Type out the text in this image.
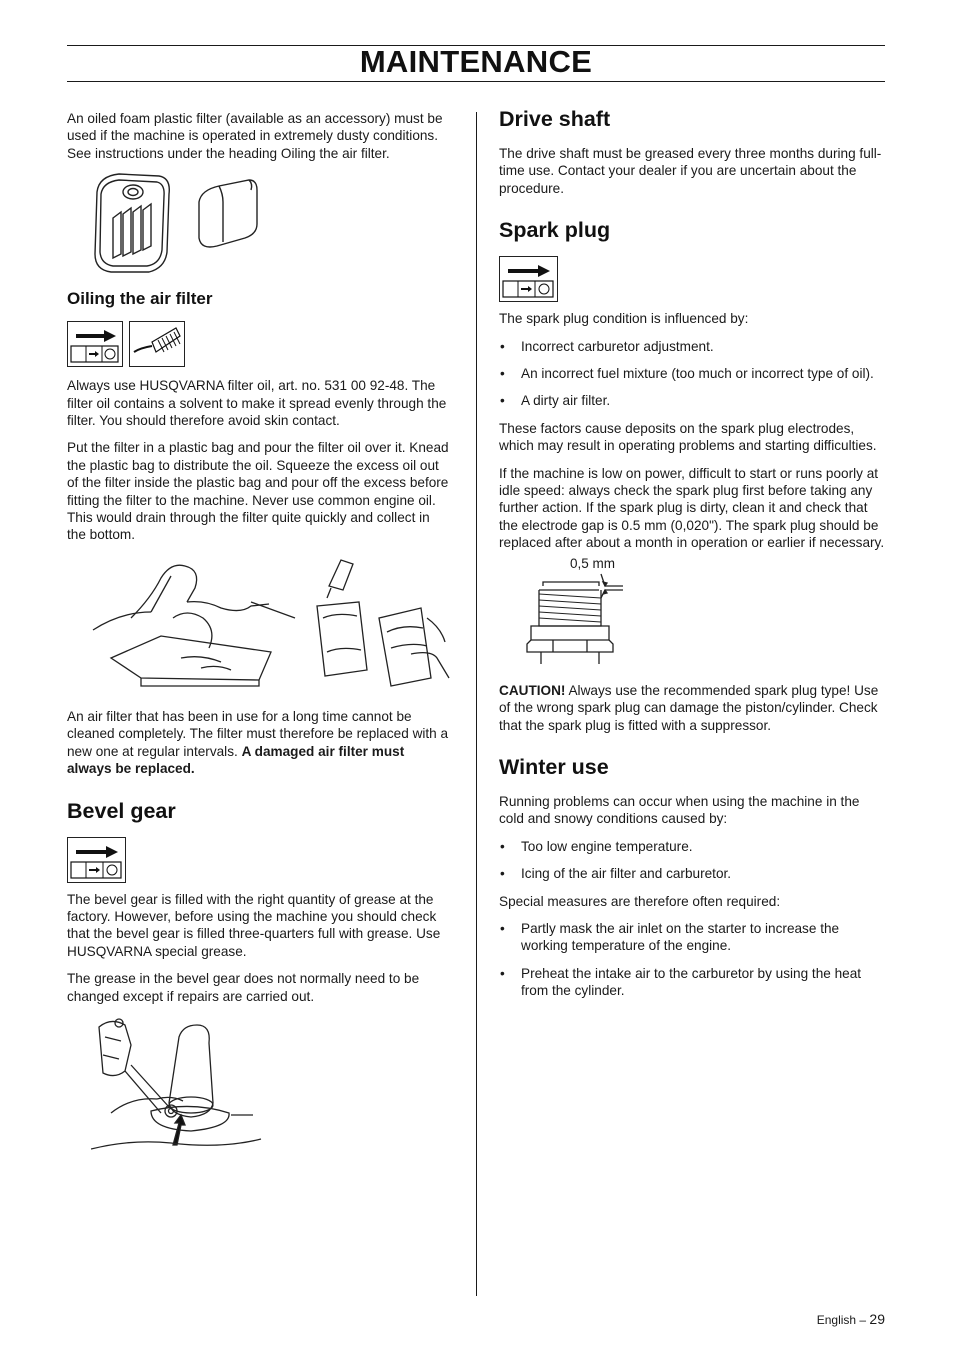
MAINTENANCE

An oiled foam plastic filter (available as an accessory) must be used if the machine is operated in extremely dusty conditions. See instructions under the heading Oiling the air filter.

Oiling the air filter

Always use HUSQVARNA filter oil, art. no. 531 00 92-48. The filter oil contains a solvent to make it spread evenly through the filter. You should therefore avoid skin contact.

Put the filter in a plastic bag and pour the filter oil over it. Knead the plastic bag to distribute the oil. Squeeze the excess oil out of the filter inside the plastic bag and pour off the excess before fitting the filter to the machine. Never use common engine oil. This would drain through the filter quite quickly and collect in the bottom.

An air filter that has been in use for a long time cannot be cleaned completely. The filter must therefore be replaced with a new one at regular intervals. A damaged air filter must always be replaced.

Bevel gear

The bevel gear is filled with the right quantity of grease at the factory. However, before using the machine you should check that the bevel gear is filled three-quarters full with grease. Use HUSQVARNA special grease.

The grease in the bevel gear does not normally need to be changed except if repairs are carried out.

Drive shaft

The drive shaft must be greased every three months during full-time use. Contact your dealer if you are uncertain about the procedure.

Spark plug

The spark plug condition is influenced by:

• Incorrect carburetor adjustment.
• An incorrect fuel mixture (too much or incorrect type of oil).
• A dirty air filter.

These factors cause deposits on the spark plug electrodes, which may result in operating problems and starting difficulties.

If the machine is low on power, difficult to start or runs poorly at idle speed: always check the spark plug first before taking any further action. If the spark plug is dirty, clean it and check that the electrode gap is 0.5 mm (0,020"). The spark plug should be replaced after about a month in operation or earlier if necessary.

0,5 mm

CAUTION! Always use the recommended spark plug type! Use of the wrong spark plug can damage the piston/cylinder. Check that the spark plug is fitted with a suppressor.

Winter use

Running problems can occur when using the machine in the cold and snowy conditions caused by:

• Too low engine temperature.
• Icing of the air filter and carburetor.

Special measures are therefore often required:

• Partly mask the air inlet on the starter to increase the working temperature of the engine.
• Preheat the intake air to the carburetor by using the heat from the cylinder.
English – 29
